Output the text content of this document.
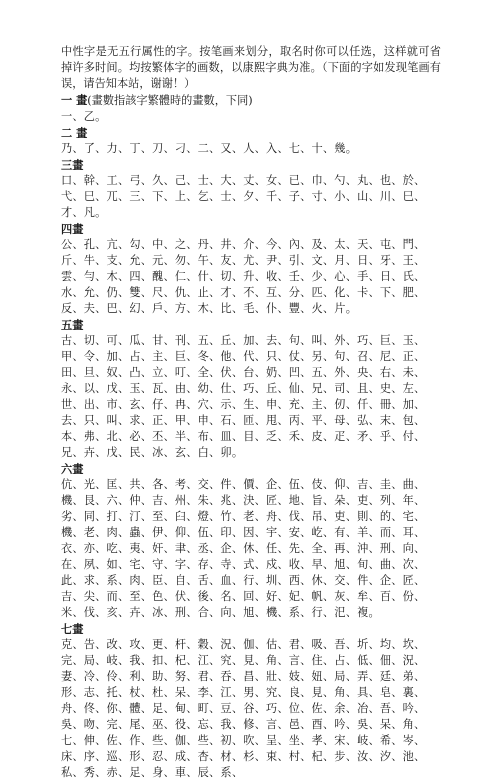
中性字是无五行属性的字。按笔画来划分，取名时你可以任选，这样就可省掉许多时间。均按繁体字的画数，以康熙字典为准。（下面的字如发现笔画有误，请告知本站，谢谢！）

一 畫(畫數指該字繁體時的畫數，下同)

一、乙。

二 畫

乃、了、力、丁、刀、刁、二、又、人、入、七、十、幾。

三畫

口、幹、工、弓、久、己、士、大、丈、女、已、巾、勺、丸、也、於、弋、巳、兀、三、下、上、乞、士、夕、千、子、寸、小、山、川、巳、才、凡。

四畫

公、孔、亢、勾、中、之、丹、井、介、今、內、及、太、天、屯、門、斤、牛、支、允、元、勿、午、友、尤、尹、引、文、月、日、牙、王、雲、勻、木、四、醜、仁、什、切、升、收、壬、少、心、手、日、氏、水、允、仍、雙、尺、仇、止、才、不、互、分、匹、化、卡、下、肥、反、夫、巴、幻、戶、方、木、比、毛、仆、豐、火、片。

五畫

古、切、可、瓜、甘、刊、五、丘、加、去、句、叫、外、巧、巨、玉、甲、令、加、占、主、巨、冬、他、代、只、仗、另、句、召、尼、正、田、旦、奴、凸、立、叮、全、伏、台、奶、凹、五、外、央、右、未、永、以、戊、玉、瓦、由、幼、仕、巧、丘、仙、兄、司、且、史、左、世、出、市、玄、仔、冉、穴、示、生、申、充、主、仞、仟、冊、加、去、只、叫、求、正、甲、申、石、匝、甩、丙、平、母、弘、末、包、本、弗、北、必、丕、半、布、皿、目、乏、禾、皮、疋、矛、乎、付、兄、卉、戊、民、冰、玄、白、卯。

六畫

伉、光、匡、共、各、考、交、件、價、企、伍、伎、仰、吉、圭、曲、機、艮、六、仲、吉、州、朱、兆、決、匠、地、旨、朵、吏、列、年、劣、同、打、汀、至、臼、燈、竹、老、舟、伐、吊、吏、則、的、宅、機、老、肉、蟲、伊、仰、伍、印、因、宇、安、屹、有、羊、而、耳、衣、亦、吃、夷、奸、聿、丞、企、休、任、先、全、再、沖、刑、向、在、夙、如、宅、守、字、存、寺、式、戍、收、早、旭、旬、曲、次、此、求、系、肉、臣、自、舌、血、行、圳、西、休、交、件、企、匠、吉、尖、而、至、色、伏、後、名、回、好、妃、帆、灰、牟、百、份、米、伐、亥、卉、冰、刑、合、向、旭、機、系、行、汜、複。

七畫

克、告、改、攻、更、杆、穀、況、伽、估、君、吸、吾、圻、均、坎、完、局、岐、我、扣、杞、江、究、見、角、言、住、占、低、佃、況、妻、冷、伶、利、助、努、君、吞、昌、壯、妓、妞、局、弄、廷、弟、形、志、托、杖、杜、呆、李、江、男、究、良、見、角、具、皂、裏、舟、佟、你、體、足、甸、町、豆、谷、巧、位、佐、余、冶、吾、吟、吳、吻、完、尾、巫、役、忘、我、修、言、邑、酉、吟、吳、呆、角、七、伸、佐、作、些、伽、些、初、吹、呈、坐、孝、宋、岐、希、岑、床、序、巡、形、忍、成、杏、材、杉、束、村、杞、步、汝、汐、池、私、秀、赤、足、身、車、辰、系、
